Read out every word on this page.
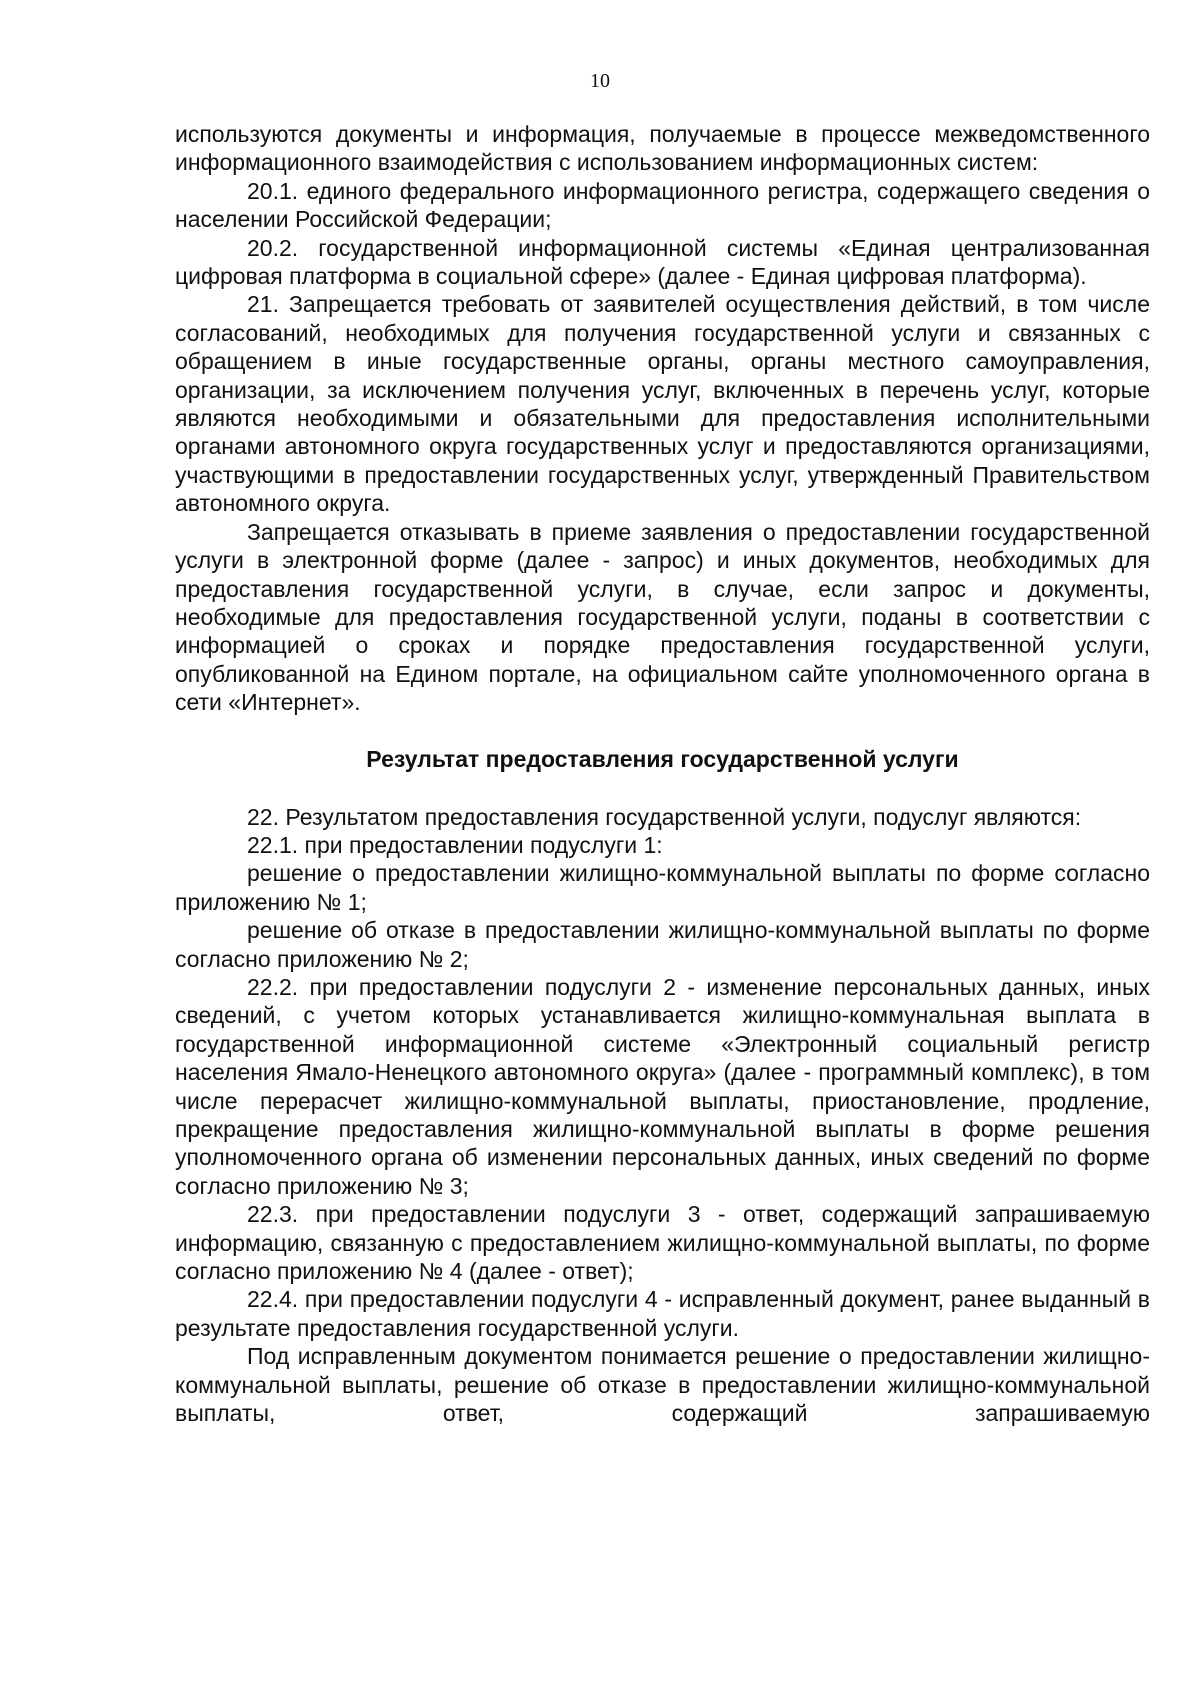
10

используются документы и информация, получаемые в процессе межведомственного информационного взаимодействия с использованием информационных систем:

20.1. единого федерального информационного регистра, содержащего сведения о населении Российской Федерации;

20.2. государственной информационной системы «Единая централизованная цифровая платформа в социальной сфере» (далее - Единая цифровая платформа).

21. Запрещается требовать от заявителей осуществления действий, в том числе согласований, необходимых для получения государственной услуги и связанных с обращением в иные государственные органы, органы местного самоуправления, организации, за исключением получения услуг, включенных в перечень услуг, которые являются необходимыми и обязательными для предоставления исполнительными органами автономного округа государственных услуг и предоставляются организациями, участвующими в предоставлении государственных услуг, утвержденный Правительством автономного округа.

Запрещается отказывать в приеме заявления о предоставлении государственной услуги в электронной форме (далее - запрос) и иных документов, необходимых для предоставления государственной услуги, в случае, если запрос и документы, необходимые для предоставления государственной услуги, поданы в соответствии с информацией о сроках и порядке предоставления государственной услуги, опубликованной на Едином портале, на официальном сайте уполномоченного органа в сети «Интернет».

Результат предоставления государственной услуги

22. Результатом предоставления государственной услуги, подуслуг являются:

22.1. при предоставлении подуслуги 1:

решение о предоставлении жилищно-коммунальной выплаты по форме согласно приложению № 1;

решение об отказе в предоставлении жилищно-коммунальной выплаты по форме согласно приложению № 2;

22.2. при предоставлении подуслуги 2 - изменение персональных данных, иных сведений, с учетом которых устанавливается жилищно-коммунальная выплата в государственной информационной системе «Электронный социальный регистр населения Ямало-Ненецкого автономного округа» (далее - программный комплекс), в том числе перерасчет жилищно-коммунальной выплаты, приостановление, продление, прекращение предоставления жилищно-коммунальной выплаты в форме решения уполномоченного органа об изменении персональных данных, иных сведений по форме согласно приложению № 3;

22.3. при предоставлении подуслуги 3 - ответ, содержащий запрашиваемую информацию, связанную с предоставлением жилищно-коммунальной выплаты, по форме согласно приложению № 4 (далее - ответ);

22.4. при предоставлении подуслуги 4 - исправленный документ, ранее выданный в результате предоставления государственной услуги.

Под исправленным документом понимается решение о предоставлении жилищно-коммунальной выплаты, решение об отказе в предоставлении жилищно-коммунальной выплаты, ответ, содержащий запрашиваемую
